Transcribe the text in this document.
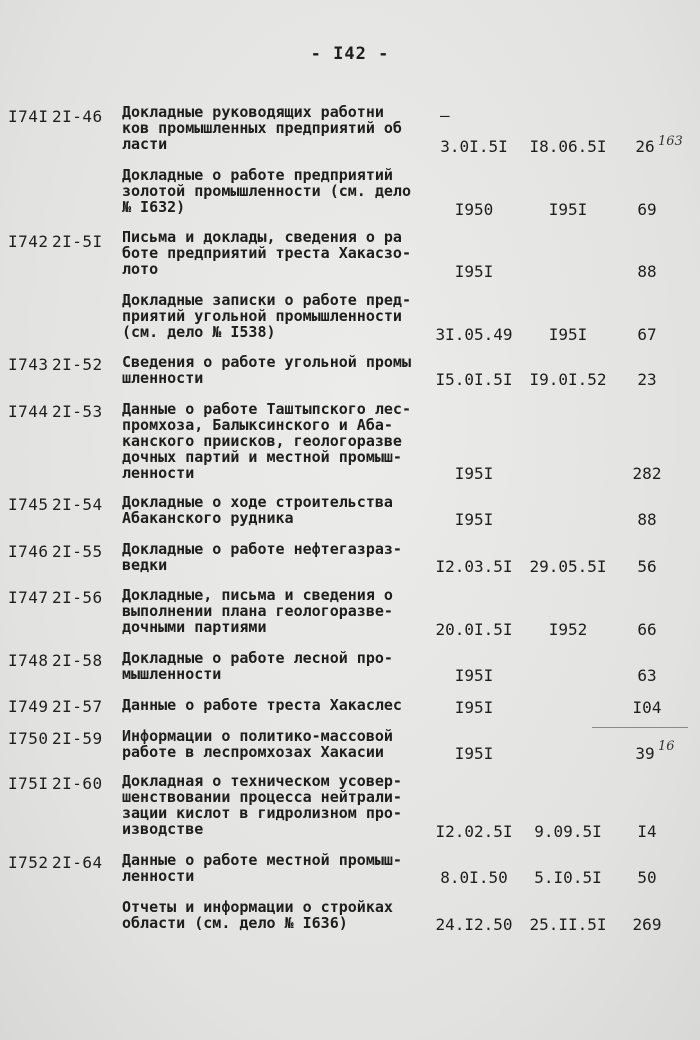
- I42 -
I74I 2I-46 Докладные руководящих работни
ков промышленных предприятий об
ласти
–
3.0I.5I	I8.06.5I	26 163
Докладные о работе предприятий
золотой промышленности (см. дело
№ I632)	I950	I95I	69
I742 2I-5I Письма и доклады, сведения о ра
боте предприятий треста Хакасзо-
лото	I95I	88
Докладные записки о работе пред-
приятий угольной промышленности
(см. дело № I538)	3I.05.49	I95I	67
I743 2I-52 Сведения о работе угольной промы
шленности	I5.0I.5I I9.0I.52	23
I744 2I-53 Данные о работе Таштыпского лес-
промхоза, Балыксинского и Аба-
канского приисков, геологоразве
дочных партий и местной промыш-
ленности	I95I	282
I745 2I-54 Докладные о ходе строительства
Абаканского рудника	I95I	88
I746 2I-55 Докладные о работе нефтегазраз-
ведки	I2.03.5I 29.05.5I	56
I747 2I-56 Докладные, письма и сведения о
выполнении плана геологоразве-
дочными партиями	20.0I.5I	I952	66
I748 2I-58 Докладные о работе лесной про-
мышленности	I95I	63
I749 2I-57 Данные о работе треста Хакаслес	I95I	I04
I750 2I-59 Информации о политико-массовой
работе в леспромхозах Хакасии	I95I	39 16
I75I 2I-60 Докладная о техническом усовер-
шенствовании процесса нейтрали-
зации кислот в гидролизном про-
изводстве	I2.02.5I	9.09.5I	I4
I752 2I-64 Данные о работе местной промыш-
ленности	8.0I.50	5.I0.5I	50
Отчеты и информации о стройках
области (см. дело № I636)	24.I2.50 25.II.5I	269
